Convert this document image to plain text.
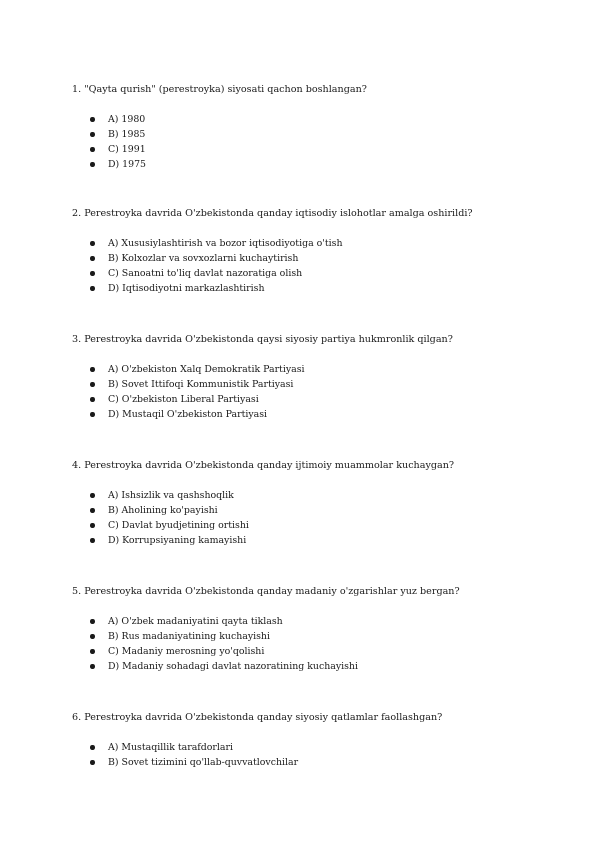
1. "Qayta qurish" (perestroyka) siyosati qachon boshlangan?

A) 1980
B) 1985
C) 1991
D) 1975

2. Perestroyka davrida O'zbekistonda qanday iqtisodiy islohotlar amalga oshirildi?

A) Xususiylashtirish va bozor iqtisodiyotiga o'tish
B) Kolxozlar va sovxozlarni kuchaytirish
C) Sanoatni to'liq davlat nazoratiga olish
D) Iqtisodiyotni markazlashtirish

3. Perestroyka davrida O'zbekistonda qaysi siyosiy partiya hukmronlik qilgan?

A) O'zbekiston Xalq Demokratik Partiyasi
B) Sovet Ittifoqi Kommunistik Partiyasi
C) O'zbekiston Liberal Partiyasi
D) Mustaqil O'zbekiston Partiyasi

4. Perestroyka davrida O'zbekistonda qanday ijtimoiy muammolar kuchaygan?

A) Ishsizlik va qashshoqlik
B) Aholining ko'payishi
C) Davlat byudjetining ortishi
D) Korrupsiyaning kamayishi

5. Perestroyka davrida O'zbekistonda qanday madaniy o'zgarishlar yuz bergan?

A) O'zbek madaniyatini qayta tiklash
B) Rus madaniyatining kuchayishi
C) Madaniy merosning yo'qolishi
D) Madaniy sohadagi davlat nazoratining kuchayishi

6. Perestroyka davrida O'zbekistonda qanday siyosiy qatlamlar faollashgan?

A) Mustaqillik tarafdorlari
B) Sovet tizimini qo'llab-quvvatlovchilar
